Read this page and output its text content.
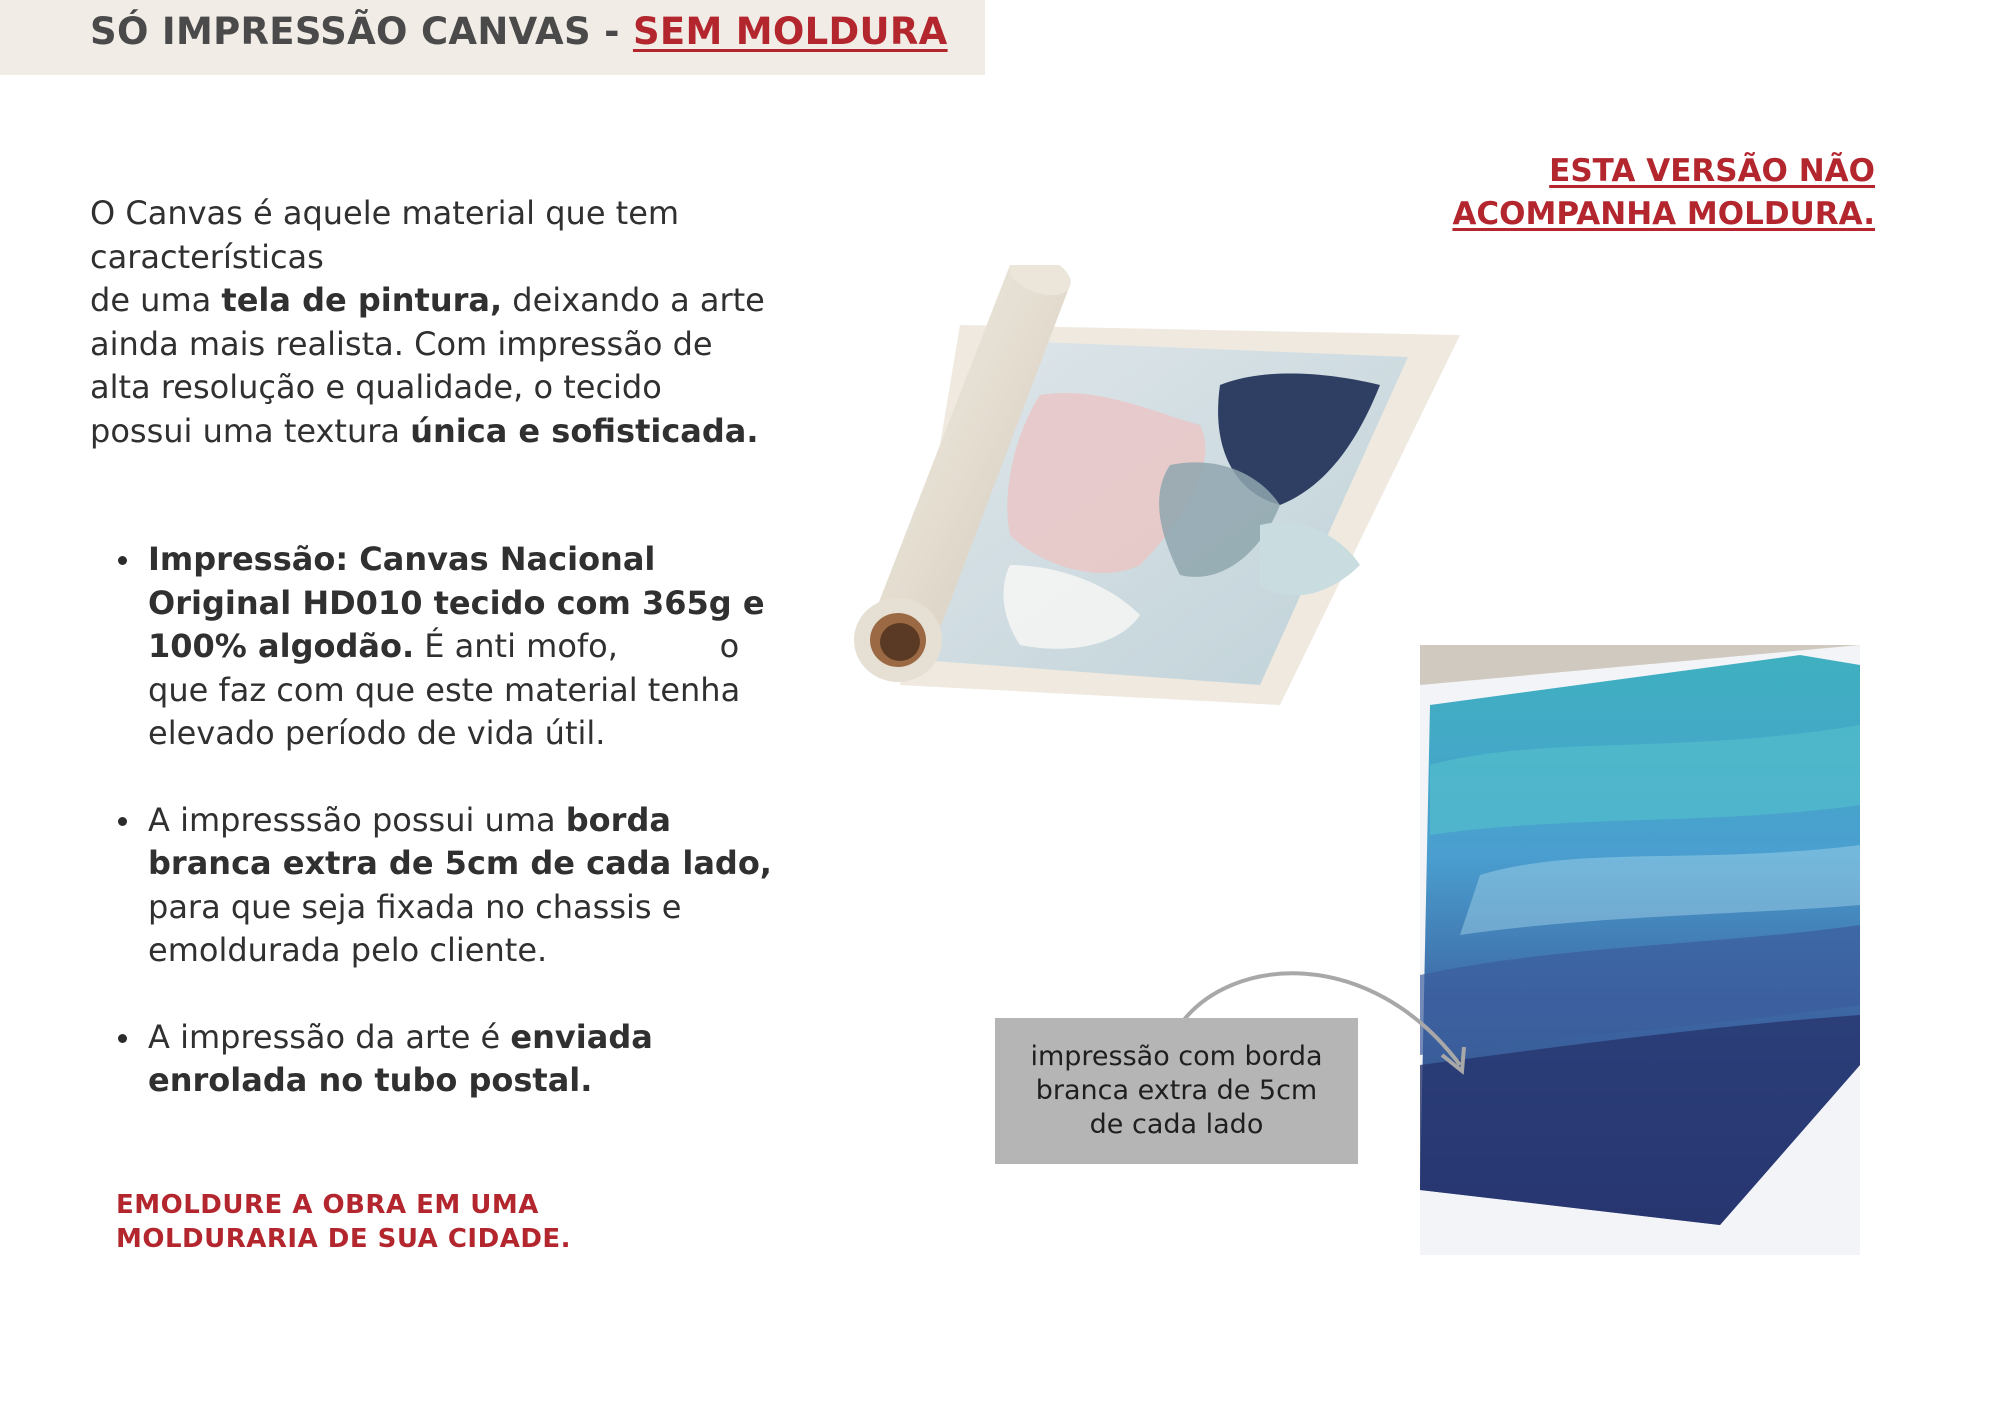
SÓ IMPRESSÃO CANVAS - SEM MOLDURA

O Canvas é aquele material que tem
características
de uma tela de pintura, deixando a arte
ainda mais realista. Com impressão de
alta resolução e qualidade, o tecido
possui uma textura única e sofisticada.

Impressão: Canvas Nacional
Original HD010 tecido com 365g e
100% algodão. É anti mofo,          o
que faz com que este material tenha
elevado período de vida útil.
A impresssão possui uma borda
branca extra de 5cm de cada lado,
para que seja fixada no chassis e
emoldurada pelo cliente.
A impressão da arte é enviada
enrolada no tubo postal.

EMOLDURE A OBRA EM UMA
MOLDURARIA DE SUA CIDADE.

ESTA VERSÃO NÃO
ACOMPANHA MOLDURA.

impressão com borda
branca extra de 5cm
de cada lado
